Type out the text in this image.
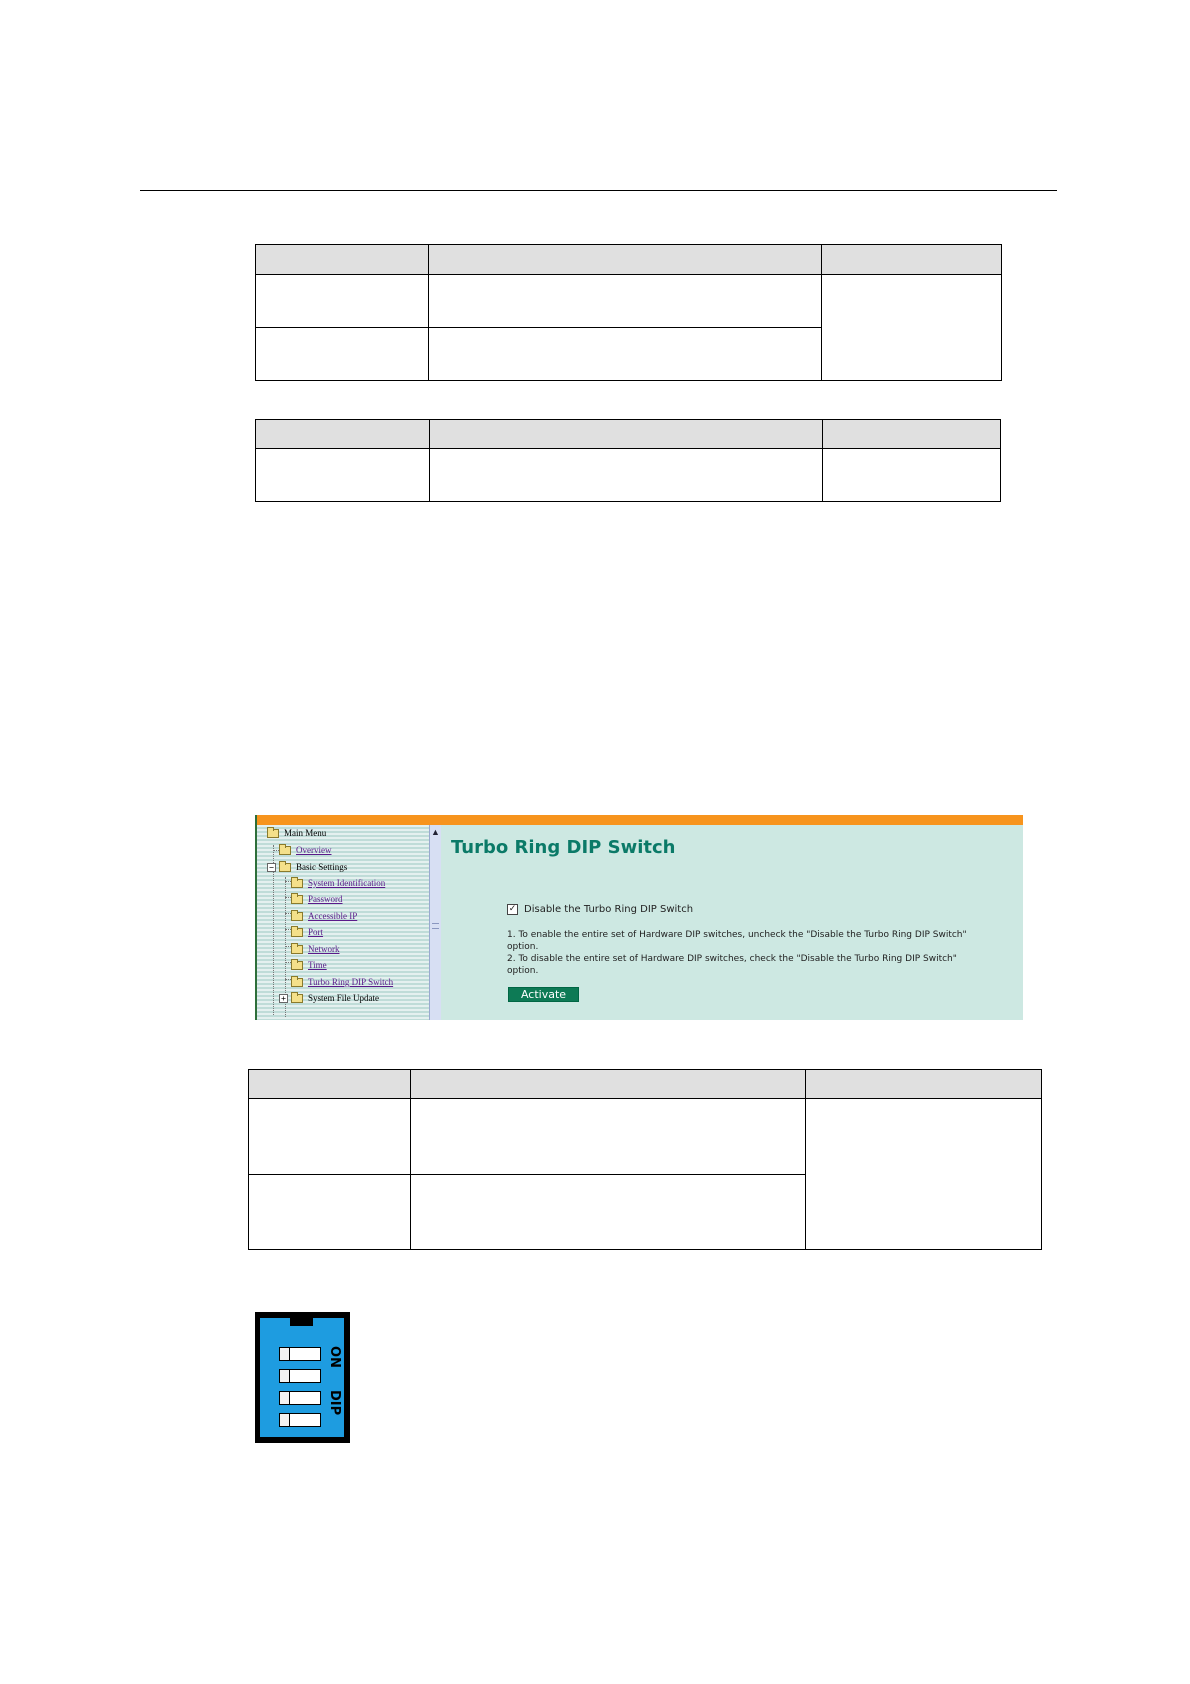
Main Menu
Overview
− Basic Settings
System Identification
Password
Accessible IP
Port
Network
Time
Turbo Ring DIP Switch
+ System File Update
▲
Turbo Ring DIP Switch
✓ Disable the Turbo Ring DIP Switch
1. To enable the entire set of Hardware DIP switches, uncheck the "Disable the Turbo Ring DIP Switch" option.
2. To disable the entire set of Hardware DIP switches, check the "Disable the Turbo Ring DIP Switch" option.
Activate

ON
DIP
